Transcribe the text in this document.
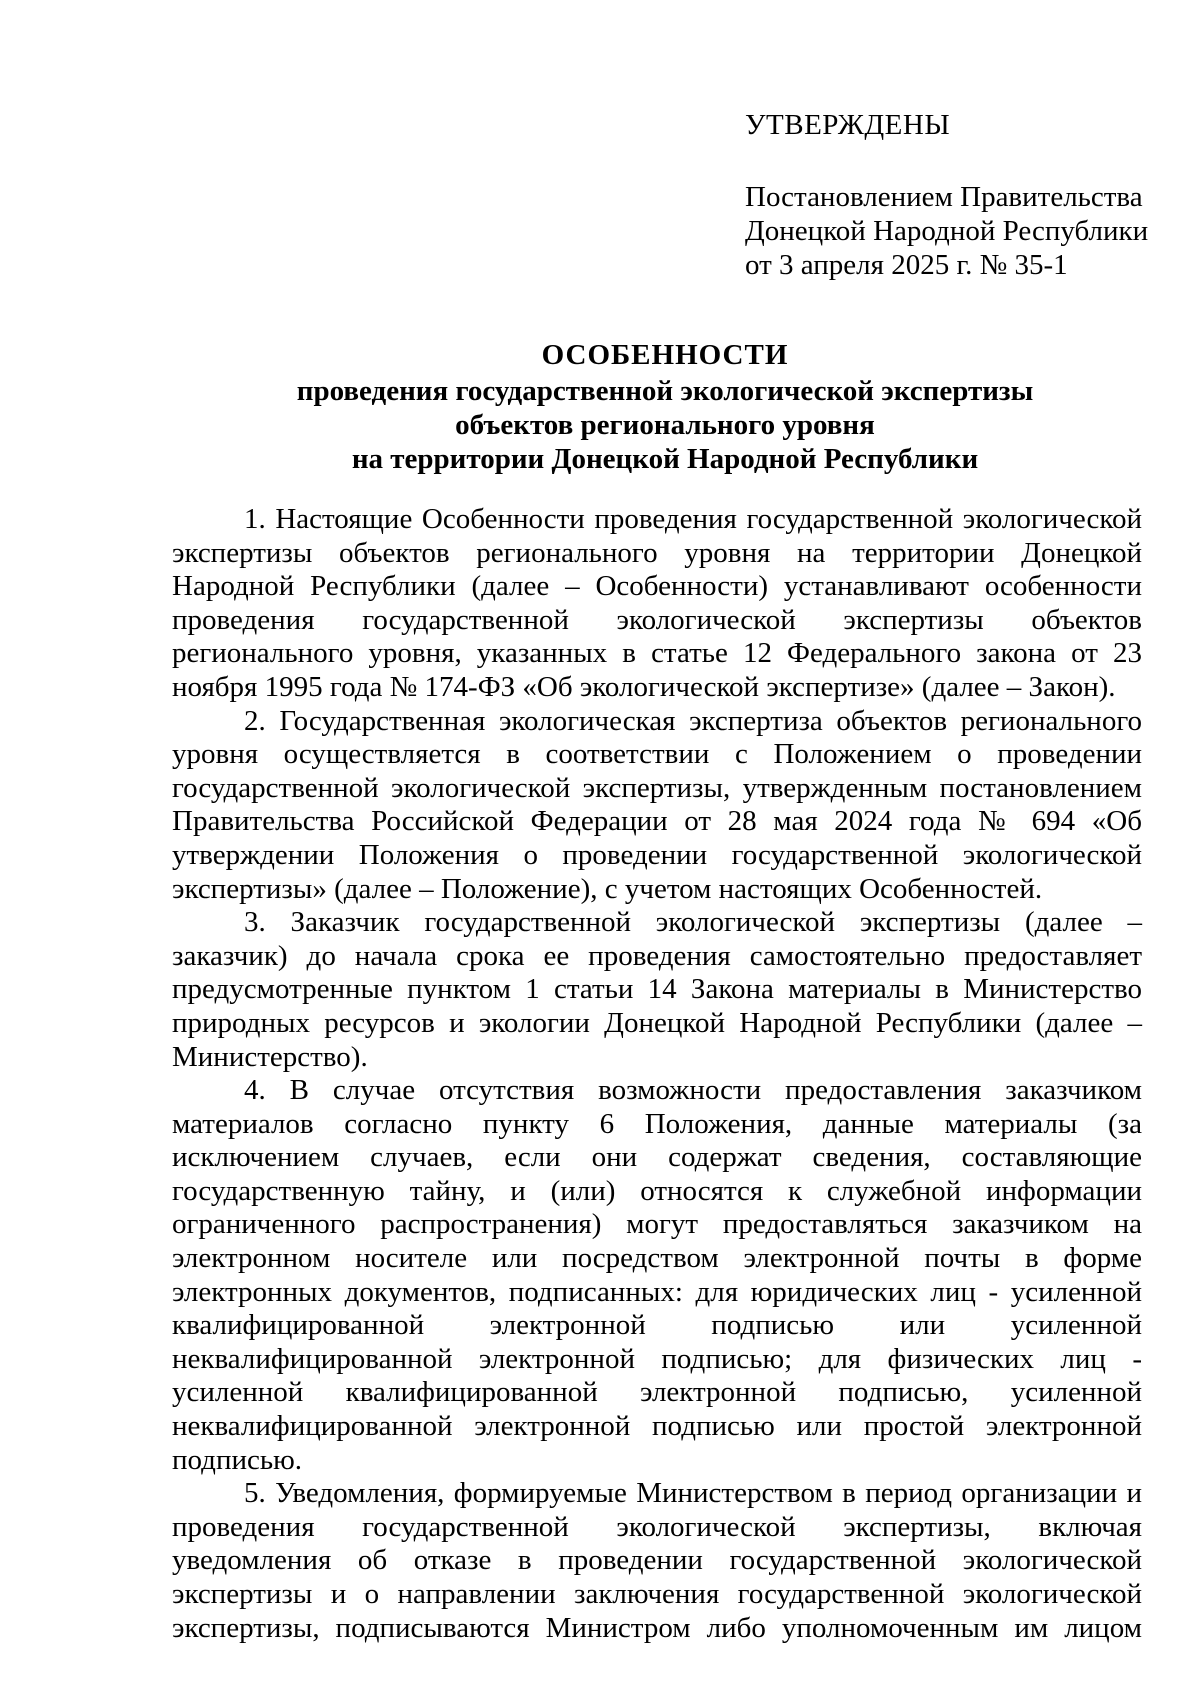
УТВЕРЖДЕНЫ
Постановлением Правительства
Донецкой Народной Республики
от 3 апреля 2025 г. № 35-1
ОСОБЕННОСТИ
проведения государственной экологической экспертизы
объектов регионального уровня
на территории Донецкой Народной Республики

1. Настоящие Особенности проведения государственной экологической экспертизы объектов регионального уровня на территории Донецкой Народной Республики (далее – Особенности) устанавливают особенности проведения государственной экологической экспертизы объектов регионального уровня, указанных в статье 12 Федерального закона от 23 ноября 1995 года № 174-ФЗ «Об экологической экспертизе» (далее – Закон).

2. Государственная экологическая экспертиза объектов регионального уровня осуществляется в соответствии с Положением о проведении государственной экологической экспертизы, утвержденным постановлением Правительства Российской Федерации от 28 мая 2024 года № 694 «Об утверждении Положения о проведении государственной экологической экспертизы» (далее – Положение), с учетом настоящих Особенностей.

3. Заказчик государственной экологической экспертизы (далее – заказчик) до начала срока ее проведения самостоятельно предоставляет предусмотренные пунктом 1 статьи 14 Закона материалы в Министерство природных ресурсов и экологии Донецкой Народной Республики (далее – Министерство).

4. В случае отсутствия возможности предоставления заказчиком материалов согласно пункту 6 Положения, данные материалы (за исключением случаев, если они содержат сведения, составляющие государственную тайну, и (или) относятся к служебной информации ограниченного распространения) могут предоставляться заказчиком на электронном носителе или посредством электронной почты в форме электронных документов, подписанных: для юридических лиц - усиленной квалифицированной электронной подписью или усиленной неквалифицированной электронной подписью; для физических лиц - усиленной квалифицированной электронной подписью, усиленной неквалифицированной электронной подписью или простой электронной подписью.

5. Уведомления, формируемые Министерством в период организации и проведения государственной экологической экспертизы, включая уведомления об отказе в проведении государственной экологической экспертизы и о направлении заключения государственной экологической экспертизы, подписываются Министром либо уполномоченным им лицом
